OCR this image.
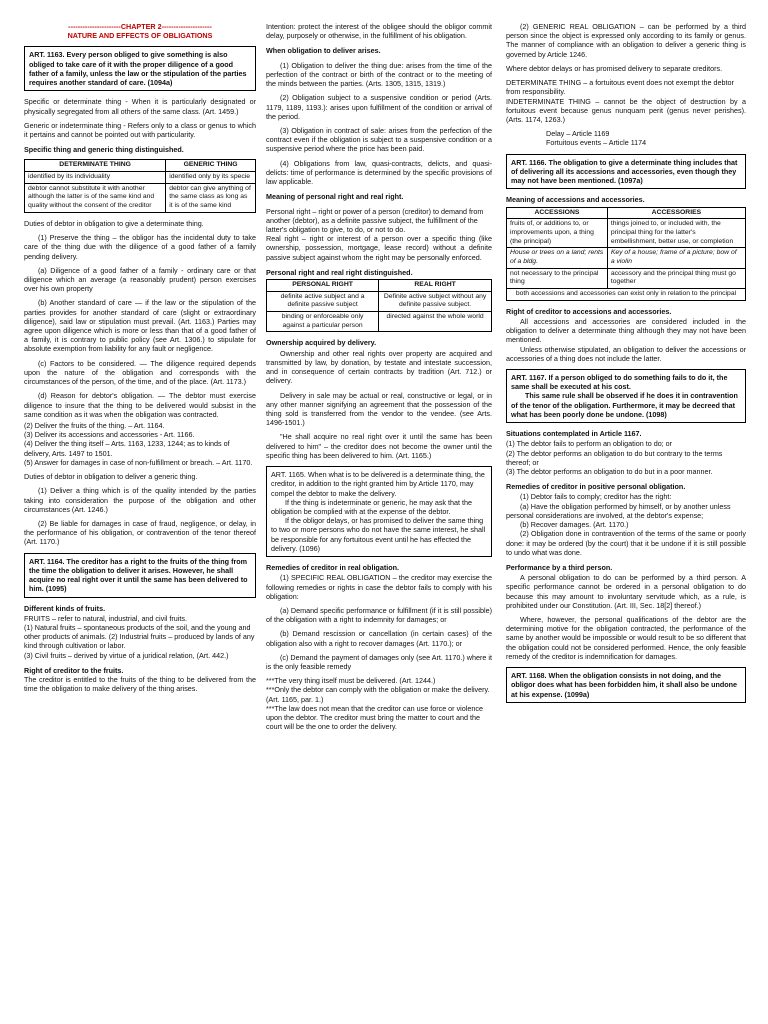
----------------------CHAPTER 2---------------------
NATURE AND EFFECTS OF OBLIGATIONS
ART. 1163. Every person obliged to give something is also obliged to take care of it with the proper diligence of a good father of a family, unless the law or the stipulation of the parties requires another standard of care. (1094a)

Specific or determinate thing - When it is particularly designated or physically segregated from all others of the same class. (Art. 1459.)

Generic or indeterminate thing - Refers only to a class or genus to which it pertains and cannot be pointed out with particularity.

Specific thing and generic thing distinguished.

DETERMINATE THING	GENERIC THING
identified by its individuality	identified only by its specie
debtor cannot substitute it with another although the latter is of the same kind and quality without the consent of the creditor	debtor can give anything of the same class as long as it is of the same kind

Duties of debtor in obligation to give a determinate thing.

(1) Preserve the thing – the obligor has the incidental duty to take care of the thing due with the diligence of a good father of a family pending delivery.

(a) Diligence of a good father of a family - ordinary care or that diligence which an average (a reasonably prudent) person exercises over his own property

(b) Another standard of care — if the law or the stipulation of the parties provides for another standard of care (slight or extraordinary diligence), said law or stipulation must prevail. (Art. 1163.) Parties may agree upon diligence which is more or less than that of a good father of a family, it is contrary to public policy (see Art. 1306.) to stipulate for absolute exemption from liability for any fault or negligence.

(c) Factors to be considered. — The diligence required depends upon the nature of the obligation and corresponds with the circumstances of the person, of the time, and of the place. (Art. 1173.)

(d) Reason for debtor's obligation. — The debtor must exercise diligence to insure that the thing to be delivered would subsist in the same condition as it was when the obligation was contracted.

(2) Deliver the fruits of the thing. – Art. 1164.
(3) Deliver its accessions and accessories - Art. 1166.
(4) Deliver the thing itself – Arts. 1163, 1233, 1244; as to kinds of delivery, Arts. 1497 to 1501.

(5) Answer for damages in case of non-fulfillment or breach. – Art. 1170.

Duties of debtor in obligation to deliver a generic thing.

(1) Deliver a thing which is of the quality intended by the parties taking into consideration the purpose of the obligation and other circumstances (Art. 1246.)

(2) Be liable for damages in case of fraud, negligence, or delay, in the performance of his obligation, or contravention of the tenor thereof (Art. 1170.)

ART. 1164. The creditor has a right to the fruits of the thing from the time the obligation to deliver it arises. However, he shall acquire no real right over it until the same has been delivered to him. (1095)

Different kinds of fruits.

FRUITS – refer to natural, industrial, and civil fruits.
(1) Natural fruits – spontaneous products of the soil, and the young and other products of animals. (2) Industrial fruits – produced by lands of any kind through cultivation or labor.

(3) Civil fruits – derived by virtue of a juridical relation, (Art. 442.)

Right of creditor to the fruits.

The creditor is entitled to the fruits of the thing to be delivered from the time the obligation to make delivery of the thing arises.

Intention: protect the interest of the obligee should the obligor commit delay, purposely or otherwise, in the fulfillment of his obligation.

When obligation to deliver arises.

(1) Obligation to deliver the thing due: arises from the time of the perfection of the contract or birth of the contract or to the meeting of the minds between the parties. (Arts. 1305, 1315, 1319.)

(2) Obligation subject to a suspensive condition or period (Arts. 1179, 1189, 1193.): arises upon fulfillment of the condition or arrival of the period.

(3) Obligation in contract of sale: arises from the perfection of the contract even if the obligation is subject to a suspensive condition or a suspensive period where the price has been paid.

(4) Obligations from law, quasi-contracts, delicts, and quasi-delicts: time of performance is determined by the specific provisions of law applicable.

Meaning of personal right and real right.

Personal right – right or power of a person (creditor) to demand from another (debtor), as a definite passive subject, the fulfillment of the latter's obligation to give, to do, or not to do.

Real right – right or interest of a person over a specific thing (like ownership, possession, mortgage, lease record) without a definite passive subject against whom the right may be personally enforced.

Personal right and real right distinguished.

PERSONAL RIGHT	REAL RIGHT
definite active subject and a definite passive subject	Definite active subject without any definite passive subject.
binding or enforceable only against a particular person	directed against the whole world

Ownership acquired by delivery.

Ownership and other real rights over property are acquired and transmitted by law, by donation, by testate and intestate succession, and in consequence of certain contracts by tradition (Art. 712.) or delivery.

Delivery in sale may be actual or real, constructive or legal, or in any other manner signifying an agreement that the possession of the thing sold is transferred from the vendor to the vendee. (see Arts. 1496-1501.)

"He shall acquire no real right over it until the same has been delivered to him" – the creditor does not become the owner until the specific thing has been delivered to him. (Art. 1165.)

ART. 1165. When what is to be delivered is a determinate thing, the creditor, in addition to the right granted him by Article 1170, may compel the debtor to make the delivery.
If the thing is indeterminate or generic, he may ask that the obligation be complied with at the expense of the debtor.
If the obligor delays, or has promised to deliver the same thing to two or more persons who do not have the same interest, he shall be responsible for any fortuitous event until he has effected the delivery. (1096)

Remedies of creditor in real obligation.

(1) SPECIFIC REAL OBLIGATION – the creditor may exercise the following remedies or rights in case the debtor fails to comply with his obligation:

(a) Demand specific performance or fulfillment (if it is still possible) of the obligation with a right to indemnity for damages; or

(b) Demand rescission or cancellation (in certain cases) of the obligation also with a right to recover damages (Art. 1170.); or

(c) Demand the payment of damages only (see Art. 1170.) where it is the only feasible remedy

***The very thing itself must be delivered. (Art. 1244.)
***Only the debtor can comply with the obligation or make the delivery. (Art. 1165, par. 1.)
***The law does not mean that the creditor can use force or violence upon the debtor. The creditor must bring the matter to court and the court will be the one to order the delivery.

(2) GENERIC REAL OBLIGATION – can be performed by a third person since the object is expressed only according to its family or genus. The manner of compliance with an obligation to deliver a generic thing is governed by Article 1246.

Where debtor delays or has promised delivery to separate creditors.

DETERMINATE THING – a fortuitous event does not exempt the debtor from responsibility.

INDETERMINATE THING – cannot be the object of destruction by a fortuitous event because genus nunquam perit (genus never perishes). (Arts. 1174, 1263.)

Delay – Article 1169

Fortuitous events – Article 1174

ART. 1166. The obligation to give a determinate thing includes that of delivering all its accessions and accessories, even though they may not have been mentioned. (1097a)

Meaning of accessions and accessories.

ACCESSIONS	ACCESSORIES
fruits of, or additions to, or improvements upon, a thing (the principal)	things joined to, or included with, the principal thing for the latter's embellishment, better use, or completion
House or trees on a land; rents of a bldg.	Key of a house; frame of a picture; bow of a violin
not necessary to the principal thing	accessory and the principal thing must go together
both accessions and accessories can exist only in relation to the principal	

Right of creditor to accessions and accessories.

All accessions and accessories are considered included in the obligation to deliver a determinate thing although they may not have been mentioned.

Unless otherwise stipulated, an obligation to deliver the accessions or accessories of a thing does not include the latter.

ART. 1167. If a person obliged to do something fails to do it, the same shall be executed at his cost.
This same rule shall be observed if he does it in contravention of the tenor of the obligation. Furthermore, it may be decreed that what has been poorly done be undone. (1098)

Situations contemplated in Article 1167.

(1) The debtor fails to perform an obligation to do; or
(2) The debtor performs an obligation to do but contrary to the terms thereof; or

(3) The debtor performs an obligation to do but in a poor manner.

Remedies of creditor in positive personal obligation.

(1) Debtor fails to comply; creditor has the right:
(a) Have the obligation performed by himself, or by another unless personal considerations are involved, at the debtor's expense;
(b) Recover damages. (Art. 1170.)

(2) Obligation done in contravention of the terms of the same or poorly done: it may be ordered (by the court) that it be undone if it is still possible to undo what was done.

Performance by a third person.

A personal obligation to do can be performed by a third person. A specific performance cannot be ordered in a personal obligation to do because this may amount to involuntary servitude which, as a rule, is prohibited under our Constitution. (Art. III, Sec. 18[2] thereof.)

Where, however, the personal qualifications of the debtor are the determining motive for the obligation contracted, the performance of the same by another would be impossible or would result to be so different that the obligation could not be considered performed. Hence, the only feasible remedy of the creditor is indemnification for damages.

ART. 1168. When the obligation consists in not doing, and the obligor does what has been forbidden him, it shall also be undone at his expense. (1099a)
